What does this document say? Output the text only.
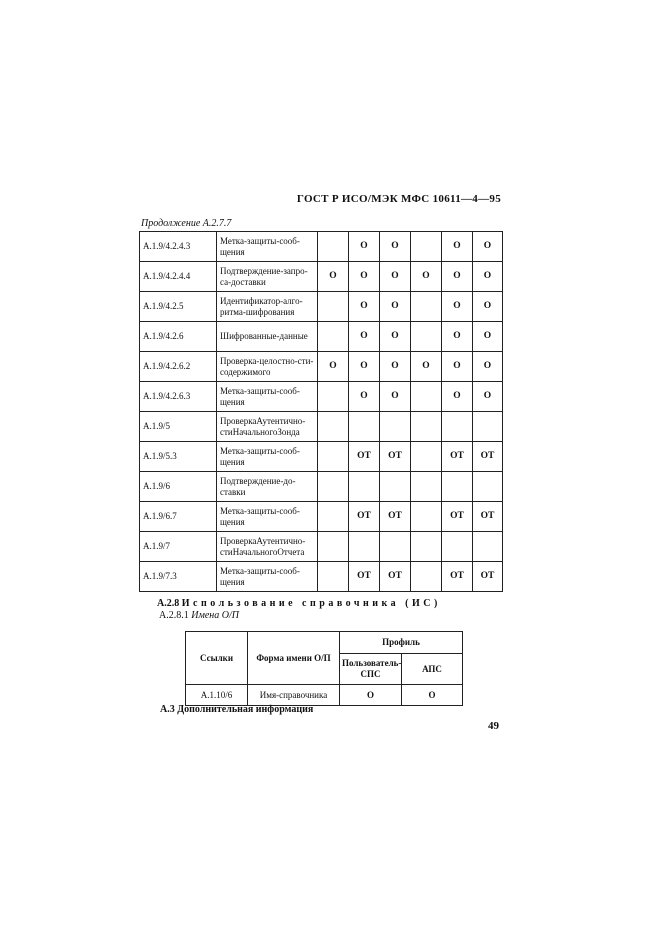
ГОСТ Р ИСО/МЭК МФС 10611—4—95
Продолжение А.2.7.7
А.1.9/4.2.4.3	Метка-защиты-сооб-щения		О	О		О	О
А.1.9/4.2.4.4	Подтверждение-запро-са-доставки	О	О	О	О	О	О
А.1.9/4.2.5	Идентификатор-алго-ритма-шифрования		О	О		О	О
А.1.9/4.2.6	Шифрованные-данные		О	О		О	О
А.1.9/4.2.6.2	Проверка-целостно-сти-содержимого	О	О	О	О	О	О
А.1.9/4.2.6.3	Метка-защиты-сооб-щения		О	О		О	О
А.1.9/5	ПроверкаАутентично-стиНачальногоЗонда						
А.1.9/5.3	Метка-защиты-сооб-щения		ОТ	ОТ		ОТ	ОТ
А.1.9/6	Подтверждение-до-ставки						
А.1.9/6.7	Метка-защиты-сооб-щения		ОТ	ОТ		ОТ	ОТ
А.1.9/7	ПроверкаАутентично-стиНачальногоОтчета						
А.1.9/7.3	Метка-защиты-сооб-щения		ОТ	ОТ		ОТ	ОТ
А.2.8 Использование справочника (ИС)
А.2.8.1 Имена О/П
Ссылки	Форма имени О/П	Профиль	
		Пользователь-СПС	АПС
А.1.10/6	Имя-справочника	О	О
А.3 Дополнительная информация
49
